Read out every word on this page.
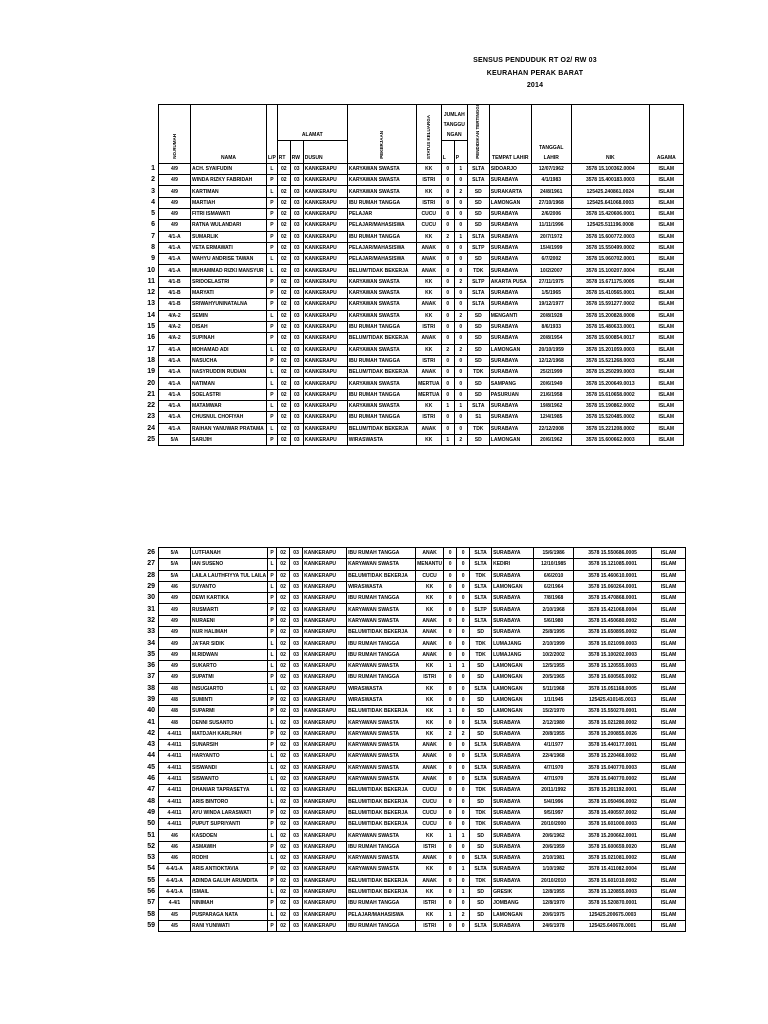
SENSUS PENDUDUK RT O2/ RW 03
KEURAHAN PERAK BARAT
2014
	NO.RUMAH	NAMA	L/P	ALAMAT			PEKERJAAN	STATUS KELUARGA	JUMLAH TANGGU NGAN		PENDIDIKAN TERTINGGI	TEMPAT LAHIR	TANGGAL LAHIR	NIK	AGAMA
				RT	RW	DUSUN			L	P					
1	4/9	ACH. SYAIFUDIN	L	02	03	KANKERAPU	KARYAWAN SWASTA	KK	0	1	SLTA	SIDOARJO	12/07/1962	3578 15.100362.0004	ISLAM
2	4/9	WINDA RIZKY FABRIDAH	P	02	03	KANKERAPU	KARYAWAN SWASTA	ISTRI	0	0	SLTA	SURABAYA	4/1/1983	3578 15.400183.0003	ISLAM
3	4/9	KARTIMAN	L	02	03	KANKERAPU	KARYAWAN SWASTA	KK	0	2	SD	SURAKARTA	24/8/1961	125425.240861.0024	ISLAM
4	4/9	MARTIAH	P	02	03	KANKERAPU	IBU RUMAH TANGGA	ISTRI	0	0	SD	LAMONGAN	27/10/1968	125425.641068.0003	ISLAM
5	4/9	FITRI ISMAWATI	P	02	03	KANKERAPU	PELAJAR	CUCU	0	0	SD	SURABAYA	2/6/2006	3578 15.420606.0001	ISLAM
6	4/9	RATNA WULANDARI	P	02	03	KANKERAPU	PELAJAR/MAHASISWA	CUCU	0	0	SD	SURABAYA	11/11/1996	125425.511196.0008	ISLAM
7	4/1-A	SUMARLIK	P	02	03	KANKERAPU	IBU RUMAH TANGGA	KK	2	1	SLTA	SURABAYA	20/7/1972	3578 15.600772.0003	ISLAM
8	4/1-A	VETA ERMAWATI	P	02	03	KANKERAPU	PELAJAR/MAHASISWA	ANAK	0	0	SLTP	SURABAYA	15/4/1999	3578 15.550499.0002	ISLAM
9	4/1-A	WAHYU ANDRISE TAWAN	L	02	03	KANKERAPU	PELAJAR/MAHASISWA	ANAK	0	0	SD	SURABAYA	6/7/2002	3578 15.060702.0001	ISLAM
10	4/1-A	MUHAMMAD RIZKI MANSYUR	L	02	03	KANKERAPU	BELUM/TIDAK BEKERJA	ANAK	0	0	TDK	SURABAYA	10/2/2007	3578 15.100207.0004	ISLAM
11	4/1-B	SRIDOELASTRI	P	02	03	KANKERAPU	KARYAWAN SWASTA	KK	0	2	SLTP	AKARTA PUSA	27/11/1975	3578 15.671175.0005	ISLAM
12	4/1-B	MARYATI	P	02	03	KANKERAPU	KARYAWAN SWASTA	KK	0	0	SLTA	SURABAYA	1/5/1965	3578 15.410565.0001	ISLAM
13	4/1-B	SRIWAHYUNINATALNA	P	02	03	KANKERAPU	KARYAWAN SWASTA	ANAK	0	0	SLTA	SURABAYA	19/12/1977	3578 15.591277.0002	ISLAM
14	4/A-2	SEMIN	L	02	03	KANKERAPU	KARYAWAN SWASTA	KK	0	2	SD	MENGANTI	20/8/1928	3578 15.200828.0008	ISLAM
15	4/A-2	DISAH	P	02	03	KANKERAPU	IBU RUMAH TANGGA	ISTRI	0	0	SD	SURABAYA	8/6/1933	3578 15.480633.0001	ISLAM
16	4/A-2	SUPINAH	P	02	03	KANKERAPU	BELUM/TIDAK BEKERJA	ANAK	0	0	SD	SURABAYA	20/8/1954	3578 15.600854.0017	ISLAM
17	4/1-A	MOHAMAD ADI	L	02	03	KANKERAPU	KARYAWAN SWASTA	KK	2	2	SD	LAMONGAN	20/10/1959	3578 15.201059.0003	ISLAM
18	4/1-A	NASUCHA	P	02	03	KANKERAPU	IBU RUMAH TANGGA	ISTRI	0	0	SD	SURABAYA	12/12/1968	3578 15.521268.0003	ISLAM
19	4/1-A	NASYRUDDIN RUDIAN	L	02	03	KANKERAPU	BELUM/TIDAK BEKERJA	ANAK	0	0	TDK	SURABAYA	25/2/1999	3578 15.250299.0003	ISLAM
20	4/1-A	NATIMAN	L	02	03	KANKERAPU	KARYAWAN SWASTA	MERTUA	0	0	SD	SAMPANG	20/6/1949	3578 15.200649.0013	ISLAM
21	4/1-A	SOELASTRI	P	02	03	KANKERAPU	IBU RUMAH TANGGA	MERTUA	0	0	SD	PASURUAN	21/6/1958	3578 15.610658.0002	ISLAM
22	4/1-A	MATAMWAR	L	02	03	KANKERAPU	KARYAWAN SWASTA	KK	1	1	SLTA	SURABAYA	19/8/1962	3578 15.190862.0002	ISLAM
23	4/1-A	CHUSNUL CHOFIYAH	P	02	03	KANKERAPU	IBU RUMAH TANGGA	ISTRI	0	0	S1	SURABAYA	12/4/1985	3578 15.520485.0002	ISLAM
24	4/1-A	RAIHAN YANUWAR PRATAMA	L	02	03	KANKERAPU	BELUM/TIDAK BEKERJA	ANAK	0	0	TDK	SURABAYA	22/12/2008	3578 15.221208.0002	ISLAM
25	5/A	SARIJIH	P	02	03	KANKERAPU	WIRASWASTA	KK	1	2	SD	LAMONGAN	20/6/1962	3578 15.600662.0003	ISLAM
26	5/A	LUTFIANAH	P	02	03	KANKERAPU	IBU RUMAH TANGGA	ANAK	0	0	SLTA	SURABAYA	15/6/1986	3578 15.550686.0005	ISLAM
27	5/A	IAN SUSENO	L	02	03	KANKERAPU	KARYAWAN SWASTA	MENANTU	0	0	SLTA	KEDIRI	12/10/1985	3578 15.121085.0001	ISLAM
28	5/A	LAILA LAUTHFIYYA TUL LAILA	P	02	03	KANKERAPU	BELUM/TIDAK BEKERJA	CUCU	0	0	TDK	SURABAYA	6/6/2010	3578 15.460610.0001	ISLAM
29	4/6	SUYANTO	L	02	03	KANKERAPU	WIRASWASTA	KK	0	0	SLTA	LAMONGAN	6/2/1964	3578 15.060264.0001	ISLAM
30	4/9	DEWI KARTIKA	P	02	03	KANKERAPU	IBU RUMAH TANGGA	KK	0	0	SLTA	SURABAYA	7/8/1968	3578 15.470868.0001	ISLAM
31	4/9	RUSMARTI	P	02	03	KANKERAPU	KARYAWAN SWASTA	KK	0	0	SLTP	SURABAYA	2/10/1968	3578 15.421068.0004	ISLAM
32	4/9	NURAENI	P	02	03	KANKERAPU	KARYAWAN SWASTA	ANAK	0	0	SLTA	SURABAYA	5/6/1980	3578 15.450680.0002	ISLAM
33	4/9	NUR HALIMAH	P	02	03	KANKERAPU	BELUM/TIDAK BEKERJA	ANAK	0	0	SD	SURABAYA	25/8/1995	3578 15.650895.0002	ISLAM
34	4/9	JA'FAR SIDIK	L	02	03	KANKERAPU	IBU RUMAH TANGGA	ANAK	0	0	TDK	LUMAJANG	2/10/1999	3578 15.021099.0003	ISLAM
35	4/9	M.RIDWAN	L	02	03	KANKERAPU	IBU RUMAH TANGGA	ANAK	0	0	TDK	LUMAJANG	10/2/2002	3578 15.100202.0003	ISLAM
36	4/9	SUKARTO	L	02	03	KANKERAPU	KARYAWAN SWASTA	KK	1	1	SD	LAMONGAN	12/5/1955	3578 15.120555.0003	ISLAM
37	4/9	SUPATMI	P	02	03	KANKERAPU	IBU RUMAH TANGGA	ISTRI	0	0	SD	LAMONGAN	20/5/1965	3578 15.600565.0002	ISLAM
38	4/8	INSUGIARTO	L	02	03	KANKERAPU	WIRASWASTA	KK	0	0	SLTA	LAMONGAN	5/11/1968	3578 15.051168.0005	ISLAM
39	4/8	SUMINTI	P	02	03	KANKERAPU	WIRASWASTA	KK	0	0	SD	LAMONGAN	1/1/1945	125425.410145.0013	ISLAM
40	4/8	SUPARMI	P	02	03	KANKERAPU	BELUM/TIDAK BEKERJA	KK	1	0	SD	LAMONGAN	15/2/1970	3578 15.550270.0001	ISLAM
41	4/8	DENNI SUSANTO	L	02	03	KANKERAPU	KARYAWAN SWASTA	KK	0	0	SLTA	SURABAYA	2/12/1980	3578 15.021280.0002	ISLAM
42	4-4/11	MATDJAH KARLPAH	P	02	03	KANKERAPU	KARYAWAN SWASTA	KK	2	2	SD	SURABAYA	20/8/1955	3578 15.200855.0026	ISLAM
43	4-4/11	SUNARSIH	P	02	03	KANKERAPU	KARYAWAN SWASTA	ANAK	0	0	SLTA	SURABAYA	4/1/1977	3578 15.440177.0001	ISLAM
44	4-4/11	HARYANTO	L	02	03	KANKERAPU	KARYAWAN SWASTA	ANAK	0	0	SLTA	SURABAYA	22/4/1968	3578 15.220468.0002	ISLAM
45	4-4/11	SISWANDI	L	02	03	KANKERAPU	KARYAWAN SWASTA	ANAK	0	0	SLTA	SURABAYA	4/7/1970	3578 15.040770.0003	ISLAM
46	4-4/11	SISWANTO	L	02	03	KANKERAPU	KARYAWAN SWASTA	ANAK	0	0	SLTA	SURABAYA	4/7/1970	3578 15.040770.0002	ISLAM
47	4-4/11	DHANIAR TAPRASETYA	L	02	03	KANKERAPU	BELUM/TIDAK BEKERJA	CUCU	0	0	TDK	SURABAYA	20/11/1992	3578 15.201192.0001	ISLAM
48	4-4/11	ARIS BINTORO	L	02	03	KANKERAPU	BELUM/TIDAK BEKERJA	CUCU	0	0	SD	SURABAYA	5/4/1996	3578 15.050496.0002	ISLAM
49	4-4/11	AYU WINDA LARASWATI	P	02	03	KANKERAPU	BELUM/TIDAK BEKERJA	CUCU	0	0	TDK	SURABAYA	9/5/1997	3578 15.490597.0002	ISLAM
50	4-4/11	PUPUT SUPRIYANTI	P	02	03	KANKERAPU	BELUM/TIDAK BEKERJA	CUCU	0	0	TDK	SURABAYA	20/10/2000	3578 15.601000.0003	ISLAM
51	4/6	KASDOEN	L	02	03	KANKERAPU	KARYAWAN SWASTA	KK	1	1	SD	SURABAYA	20/6/1962	3578 15.200662.0001	ISLAM
52	4/6	ASMAWIH	P	02	03	KANKERAPU	IBU RUMAH TANGGA	ISTRI	0	0	SD	SURABAYA	20/6/1959	3578 15.600659.0020	ISLAM
53	4/6	RODHI	L	02	03	KANKERAPU	KARYAWAN SWASTA	ANAK	0	0	SLTA	SURABAYA	2/10/1981	3578 15.021081.0002	ISLAM
54	4-4/1-A	ARIS ANTIOKTAVIA	P	02	03	KANKERAPU	KARYAWAN SWASTA	KK	0	1	SLTA	SURABAYA	1/10/1982	3578 15.411082.0004	ISLAM
55	4-4/1-A	ADINDA GALUH ARUMDITA	P	02	03	KANKERAPU	BELUM/TIDAK BEKERJA	ANAK	0	0	TDK	SURABAYA	20/10/2010	3578 15.601010.0002	ISLAM
56	4-4/1-A	ISMAIL	L	02	03	KANKERAPU	BELUM/TIDAK BEKERJA	KK	0	1	SD	GRESIK	12/8/1955	3578 15.120855.0003	ISLAM
57	4-4/1	NINIMAH	P	02	03	KANKERAPU	IBU RUMAH TANGGA	ISTRI	0	0	SD	JOMBANG	12/8/1970	3578 15.520870.0001	ISLAM
58	4/5	PUSPARAGA NATA	L	02	03	KANKERAPU	PELAJAR/MAHASISWA	KK	1	2	SD	LAMONGAN	20/6/1975	125425.200675.0003	ISLAM
59	4/5	RANI YUNIWATI	P	02	03	KANKERAPU	IBU RUMAH TANGGA	ISTRI	0	0	SLTA	SURABAYA	24/6/1978	125425.640678.0001	ISLAM
